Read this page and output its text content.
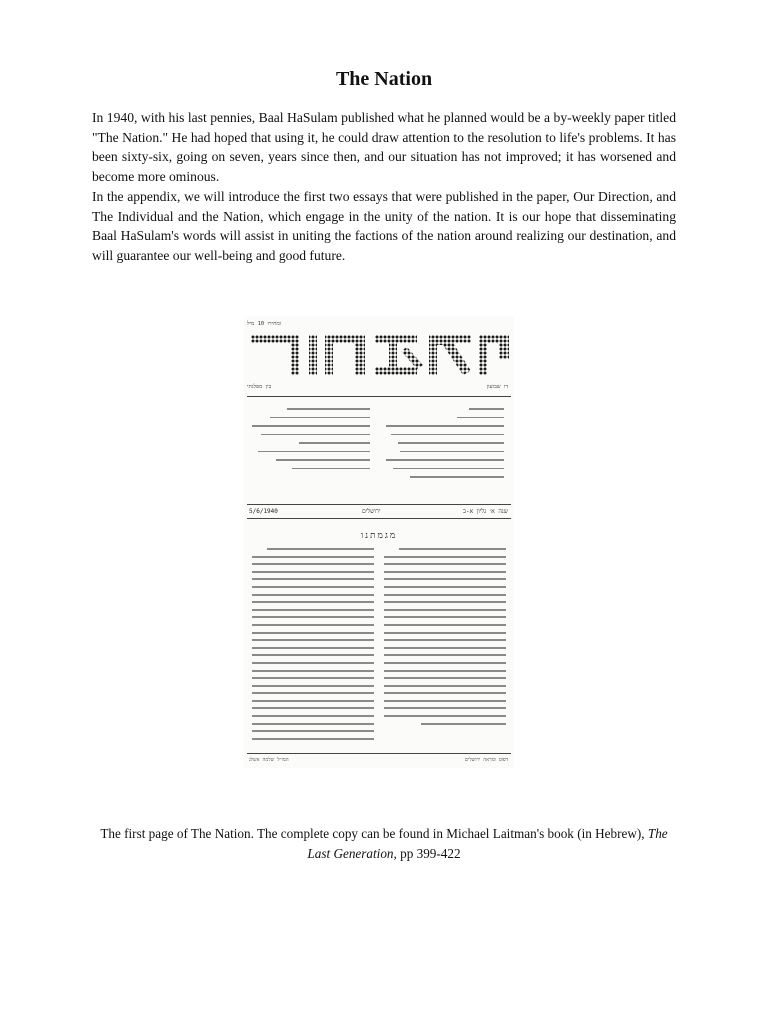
The Nation

In 1940, with his last pennies, Baal HaSulam published what he planned would be a by-weekly paper titled "The Nation." He had hoped that using it, he could draw attention to the resolution to life's problems. It has been sixty-six, going on seven, years since then, and our situation has not improved; it has worsened and become more ominous.

In the appendix, we will introduce the first two essays that were published in the paper, Our Direction, and The Individual and the Nation, which engage in the unity of the nation. It is our hope that disseminating Baal HaSulam's words will assist in uniting the factions of the nation around realizing our destination, and will guarantee our well-being and good future.

ומחירו 10 מיל
בין מפלגתי	דו שבועון
5/6/1940	ירושלים	שנה א׳ גליון א-ב
מגמתנו
המו״ל שלמה אשלג	דפוס ומראה ירושלים

The first page of The Nation. The complete copy can be found in Michael Laitman's book (in Hebrew), The Last Generation, pp 399-422
